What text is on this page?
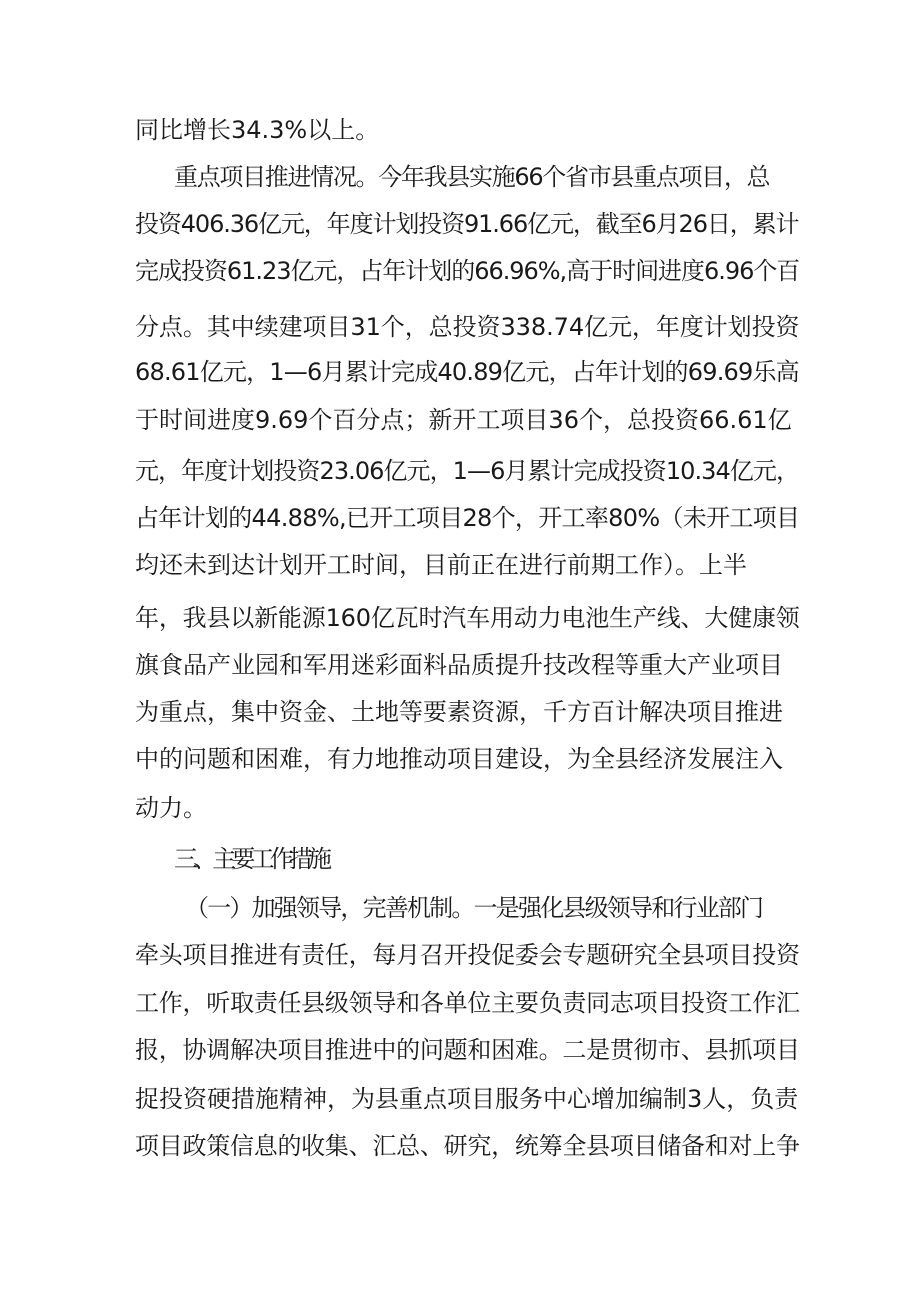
同比增长34.3%以上。
重点项目推进情况。今年我县实施66个省市县重点项目，总
投资406.36亿元，年度计划投资91.66亿元，截至6月26日，累计
完成投资61.23亿元，占年计划的66.96%,高于时间进度6.96个百
分点。其中续建项目31个，总投资338.74亿元，年度计划投资
68.61亿元，1—6月累计完成40.89亿元，占年计划的69.69乐高
于时间进度9.69个百分点；新开工项目36个，总投资66.61亿
元，年度计划投资23.06亿元，1—6月累计完成投资10.34亿元，
占年计划的44.88%,已开工项目28个，开工率80%（未开工项目
均还未到达计划开工时间，目前正在进行前期工作）。上半
年，我县以新能源160亿瓦时汽车用动力电池生产线、大健康领
旗食品产业园和军用迷彩面料品质提升技改程等重大产业项目
为重点，集中资金、土地等要素资源，千方百计解决项目推进
中的问题和困难，有力地推动项目建设，为全县经济发展注入
动力。
三、主要工作措施
（一）加强领导，完善机制。一是强化县级领导和行业部门
牵头项目推进有责任，每月召开投促委会专题研究全县项目投资
工作，听取责任县级领导和各单位主要负责同志项目投资工作汇
报，协调解决项目推进中的问题和困难。二是贯彻市、县抓项目
捉投资硬措施精神，为县重点项目服务中心增加编制3人，负责
项目政策信息的收集、汇总、研究，统筹全县项目储备和对上争
